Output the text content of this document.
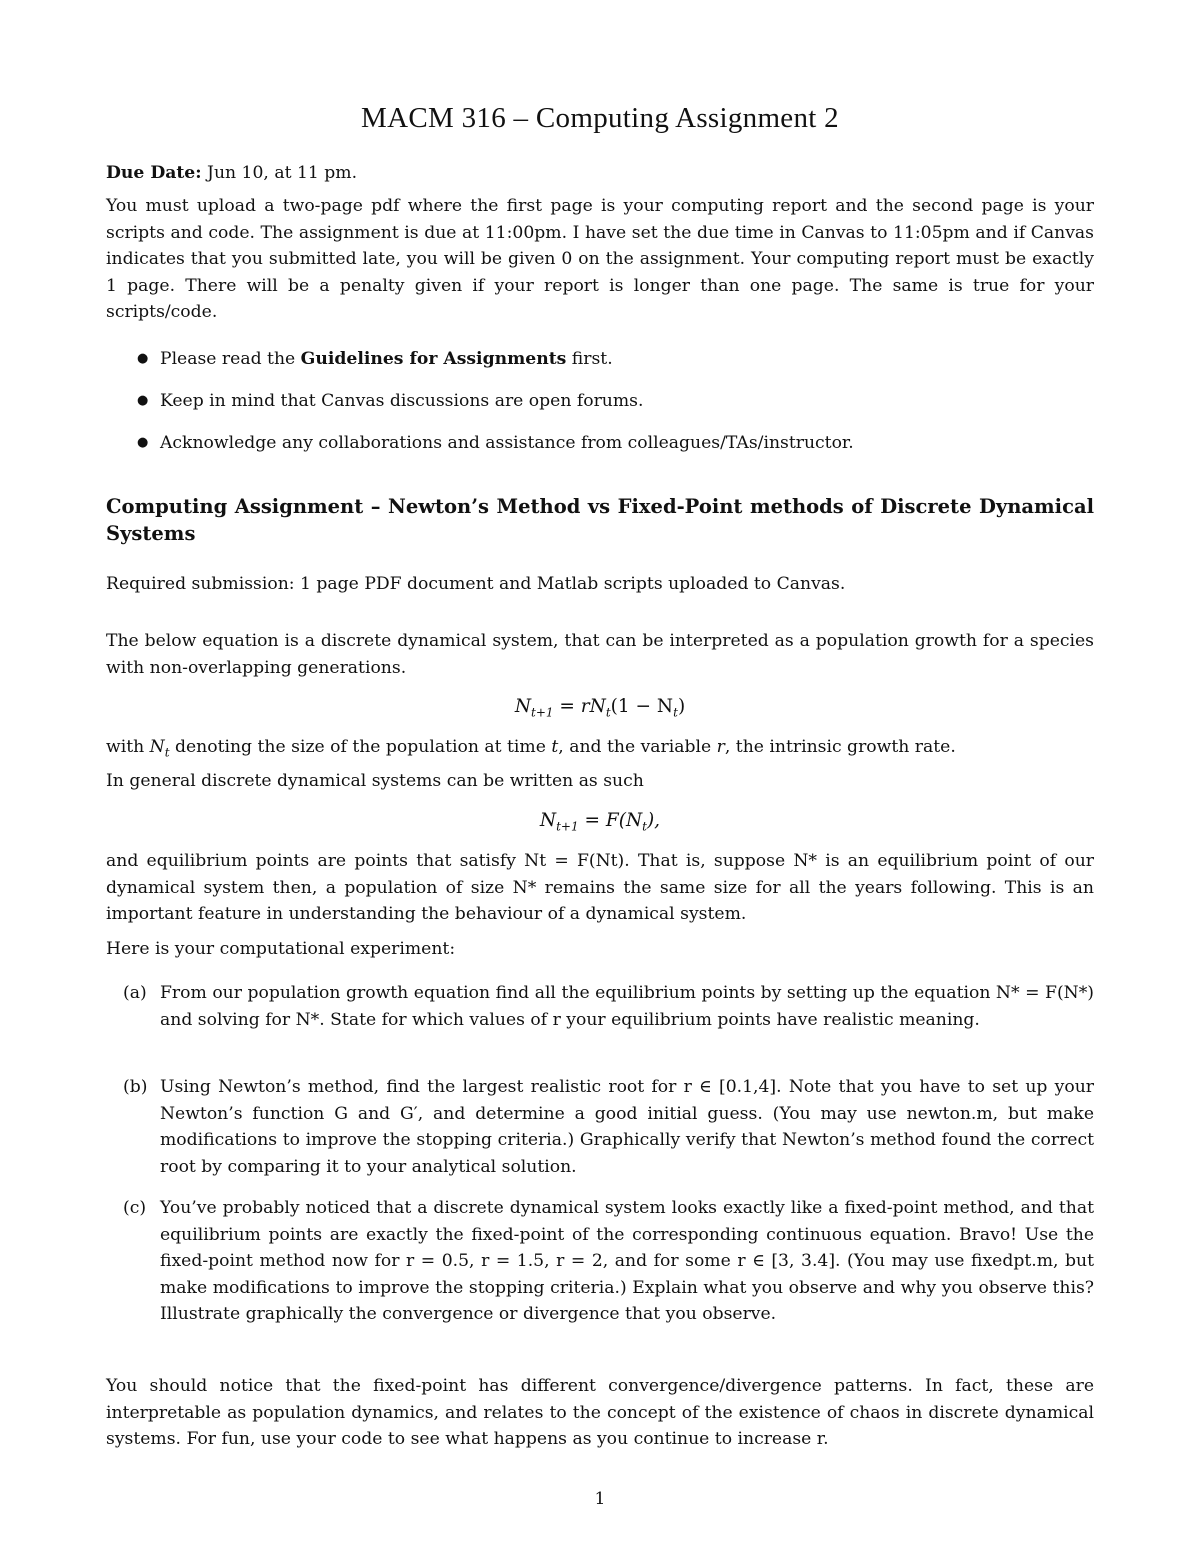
MACM 316 – Computing Assignment 2
Due Date: Jun 10, at 11 pm.
You must upload a two-page pdf where the first page is your computing report and the second page is your scripts and code. The assignment is due at 11:00pm. I have set the due time in Canvas to 11:05pm and if Canvas indicates that you submitted late, you will be given 0 on the assignment. Your computing report must be exactly 1 page. There will be a penalty given if your report is longer than one page. The same is true for your scripts/code.
● Please read the Guidelines for Assignments first.
● Keep in mind that Canvas discussions are open forums.
● Acknowledge any collaborations and assistance from colleagues/TAs/instructor.
Computing Assignment – Newton’s Method vs Fixed-Point methods of Discrete Dynamical Systems
Required submission: 1 page PDF document and Matlab scripts uploaded to Canvas.
The below equation is a discrete dynamical system, that can be interpreted as a population growth for a species with non-overlapping generations.
$N_{t+1} = rN_t(1 - N_t)$
with $N_t$ denoting the size of the population at time t, and the variable r, the intrinsic growth rate.
In general discrete dynamical systems can be written as such
$N_{t+1} = F(N_t)$,
and equilibrium points are points that satisfy Nt = F(Nt). That is, suppose N* is an equilibrium point of our dynamical system then, a population of size N* remains the same size for all the years following. This is an important feature in understanding the behaviour of a dynamical system.
Here is your computational experiment:
(a) From our population growth equation find all the equilibrium points by setting up the equation N* = F(N*) and solving for N*. State for which values of r your equilibrium points have realistic meaning.
(b) Using Newton’s method, find the largest realistic root for r ∈ [0.1,4]. Note that you have to set up your Newton’s function G and G′, and determine a good initial guess. (You may use newton.m, but make modifications to improve the stopping criteria.) Graphically verify that Newton’s method found the correct root by comparing it to your analytical solution.
(c) You’ve probably noticed that a discrete dynamical system looks exactly like a fixed-point method, and that equilibrium points are exactly the fixed-point of the corresponding continuous equation. Bravo! Use the fixed-point method now for r = 0.5, r = 1.5, r = 2, and for some r ∈ [3, 3.4]. (You may use fixedpt.m, but make modifications to improve the stopping criteria.) Explain what you observe and why you observe this? Illustrate graphically the convergence or divergence that you observe.
You should notice that the fixed-point has different convergence/divergence patterns. In fact, these are interpretable as population dynamics, and relates to the concept of the existence of chaos in discrete dynamical systems. For fun, use your code to see what happens as you continue to increase r.
1
